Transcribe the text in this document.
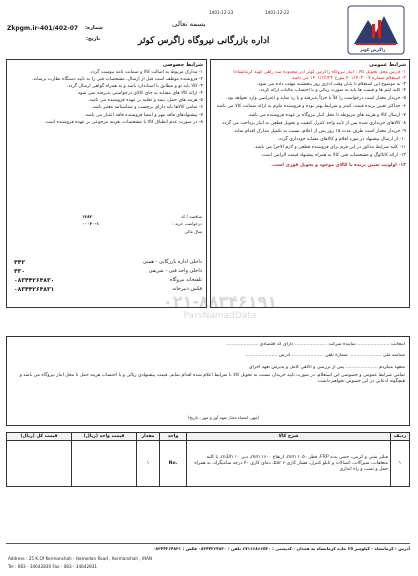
1401-12-22
1401-12-23
Zkpgm.ir-401/402-07 شماره:
تاریخ:
بسمه تعالی
اداره بازرگانی نیروگاه زاگرس کوثر
زاگرس کوثر
شرایط عمومی
۱- آدرس محل تحویل کالا : انبار نیروگاه زاگرس کوثر (در محدوده سه راهی کهنه کرمانشاه)
۲- استعلام شماره ۴۰۱۱۴۰۲۰۰۷ مورخ ۱۴۰۱/۱۲/۲۲ می باشد.
۳- به موضوع این استعلام تا پایان وقت اداری روز پنجشنبه مهلت داده می شود.
۴- کلیه آیتم ها و قیمت ها باید به صورت ریالی و با احتساب مالیات ارائه گردد.
۵- خریدار مختار است درخواست را کلاً یا جزئاً پذیرفته و یا رد نماید و اعتراضی وارد نخواهد بود.
۶- حداکثر تعیین برنده قیمت کمتر و شرایط بهتر بوده و فروشنده ملزم به ارائه ضمانت کالا می باشد.
۷- ارسال کالا و هزینه های مربوطه تا محل انبار نیروگاه بر عهده فروشنده می باشد.
۸- کالاهای خریداری شده پس از تایید واحد کنترل کیفیت و تحویل قطعی به انبار پرداخت می گردد.
۹- خریدار مختار است ظرف مدت ۱۵ روز پس از اعلام، نسبت به تکمیل مدارک اقدام نماید.
۱۰- از ارسال پیشنهاد در مورد اقلام و کالاهای مشابه خودداری گردد.
۱۱- کلیه شرایط مذکور در این فرم برای فروشنده قطعی و لازم الاجرا می باشد.
۱۲- ارائه کاتالوگ و مشخصات فنی کالا به همراه پیشنهاد قیمت الزامی است.
۱۳- اولویت تعیین برنده با کالای موجود و تحویل فوری است.
شرایط خصوصی
۱- مدارک مربوط به اصالت کالا و ضمانت نامه پیوست گردد.
۲- فروشنده موظف است قبل از ارسال، مشخصات فنی را به تایید دستگاه نظارت برساند.
۳- کالا باید نو و مطابق با استاندارد باشد و به همراه گواهی ارسال گردد.
۴- ارائه کالا های مشابه به جای کالای درخواستی پذیرفته نمی شود.
۵- هزینه های حمل، بیمه و تخلیه بر عهده فروشنده می باشد.
۶- تمامی کالاها باید دارای برچسب و شناسنامه معتبر باشد.
۷- پیشنهادهای فاقد مهر و امضا فروشنده فاقد اعتبار می باشد.
۸- در صورت عدم انطباق کالا با مشخصات، هزینه مرجوعی بر عهده فروشنده است.
مناقصه / کد
۱۳۸۲
درخواست خرید :
۰۰۰۳۰-۱
سال مالی
داخلی اداره بازرگانی - همتی
۴۴۲
داخلی واحد فنی - شریفی
۴۳۰
تلفنخانه نیروگاه
۰۸۳۴۴۲۶۴۸۳۰
فکس دبیرخانه
۰۸۳۴۴۲۶۴۸۳۱
۰۲۱-۸۸۳۴۶۱۹۱
ParsNamadData
اینجانب ...................... نماینده شرکت ...................... دارای کد اقتصادی ......................
شناسه ملی ...................... شماره تلفن ...................... آدرس ......................
متعهد میگردم ...................... پس از بررسی و آگاهی کامل و پذیرش تعهد اجرای
تمامی شرایط عمومی و خصوصی این استعلام، در صورت تایید خریدار، نسبت به تحویل کالا با شرایط اعلام شده اقدام نمایم. قیمت پیشنهادی ریالی و با احتساب هزینه حمل تا محل انبار نیروگاه می باشد و هیچگونه ادعایی در این خصوص نخواهم داشت.
(مهر، امضاء مجاز تعهد آور و مهر ، تاریخ)
ردیف	شرح کالا	واحد	مقدار	قیمت واحد (ریال)	قیمت کل (ریال)
۱	فیلتر شنی و کربنی، جنس بدنه FRP، قطر ۱۰۵۰ mm، ارتفاع ۱۶۰۰ mm، دبی ۱۰ m3/h، با کلیه متعلقات، شیرآلات، اتصالات و تابلو کنترل، فشار کاری ۶ bar، دمای کاری ۴۰ درجه سانتیگراد، به همراه حمل و نصب و راه اندازی	No.	۱		
آدرس : کرمانشاه - کیلومتر ۲۵ جاده کرمانشاه به همدان - کدپستی : ۶۷۱۶۶۸۶۶۵۳۰ تلفن : ۰۸۳۴۴۲۶۴۸۳۰ فکس : ۰۸۳۴۴۲۶۴۸۳۱
Address : 25 K.Of Kermanshah - Hamedan Road , Kermanshah , IRAN
Tel : 083 - 34642830 Fax : 083 - 34642831
